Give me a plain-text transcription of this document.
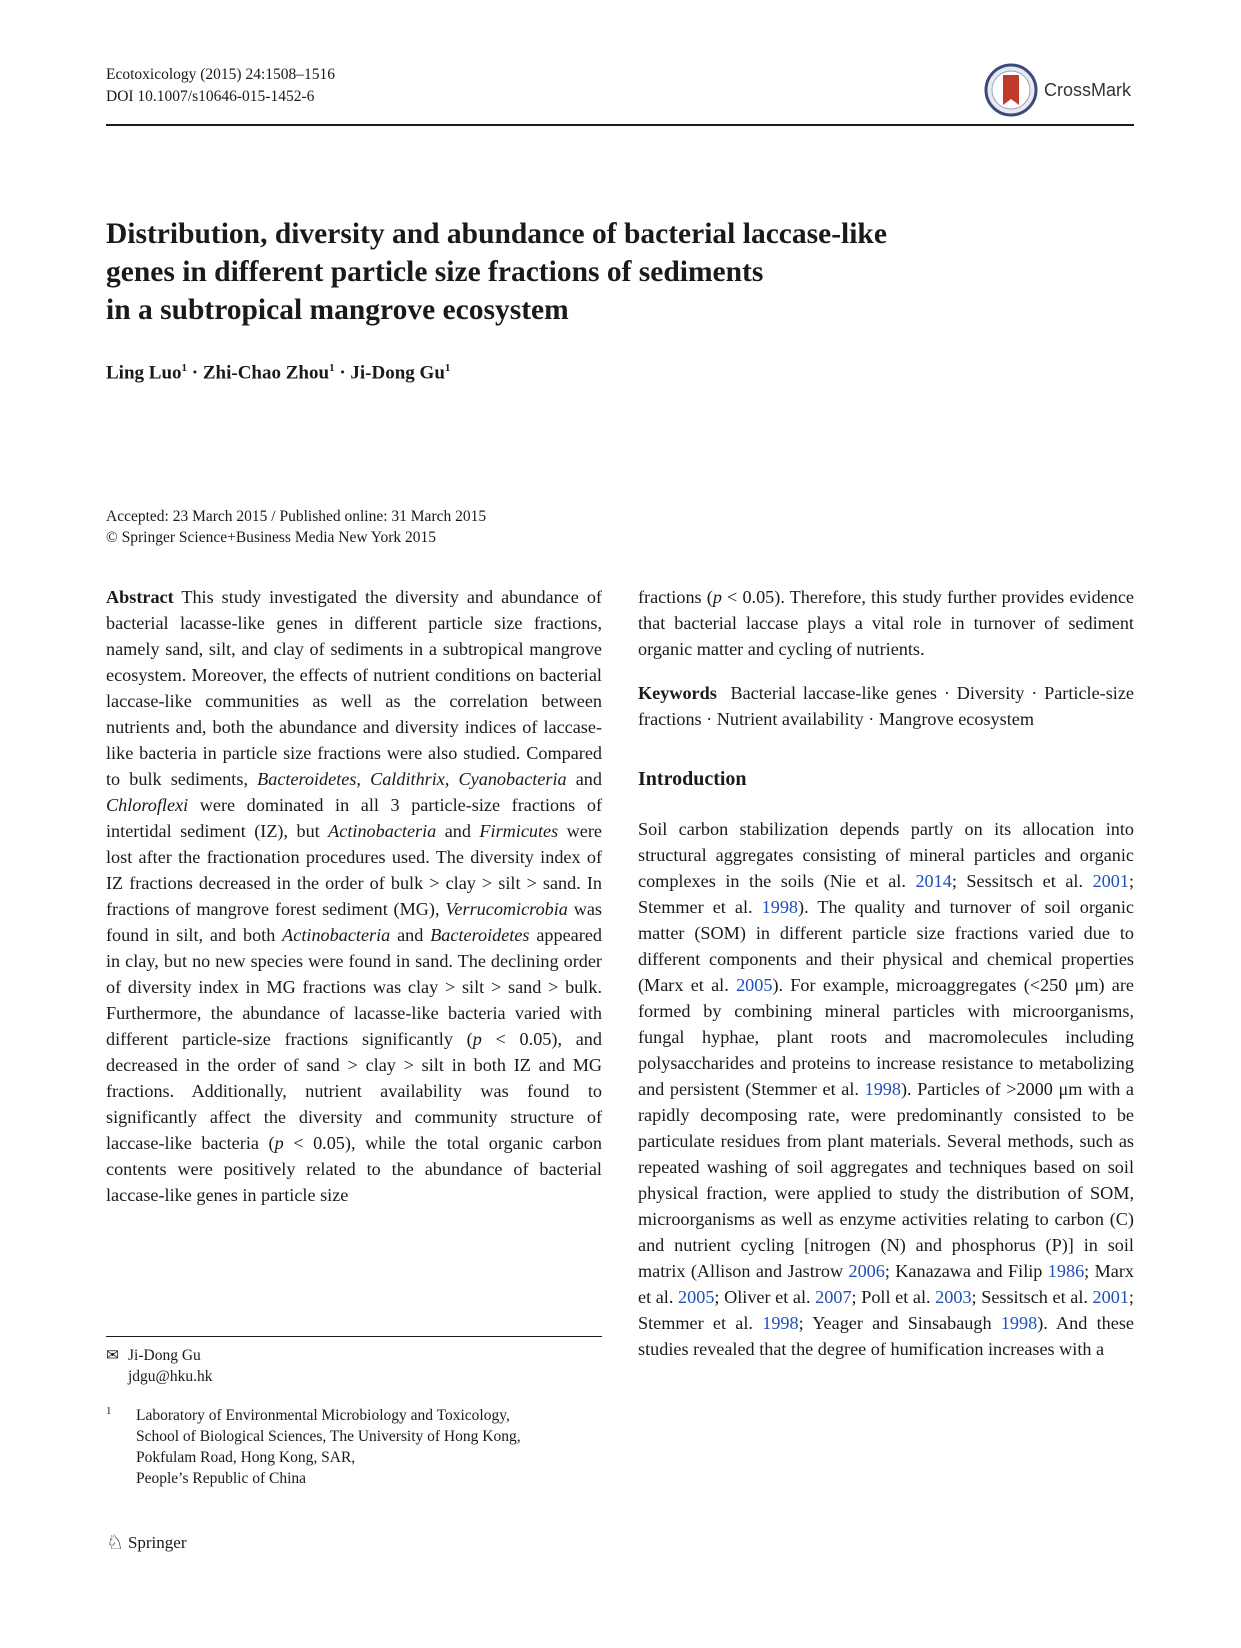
Ecotoxicology (2015) 24:1508–1516
DOI 10.1007/s10646-015-1452-6	CrossMark
Distribution, diversity and abundance of bacterial laccase-like
genes in different particle size fractions of sediments
in a subtropical mangrove ecosystem
Ling Luo$^1$ · Zhi-Chao Zhou$^1$ · Ji-Dong Gu$^1$
Accepted: 23 March 2015 / Published online: 31 March 2015
© Springer Science+Business Media New York 2015
Abstract This study investigated the diversity and abundance of bacterial lacasse-like genes in different particle size fractions, namely sand, silt, and clay of sediments in a subtropical mangrove ecosystem. Moreover, the effects of nutrient conditions on bacterial laccase-like communities as well as the correlation between nutrients and, both the abundance and diversity indices of laccase-like bacteria in particle size fractions were also studied. Compared to bulk sediments, Bacteroidetes, Caldithrix, Cyanobacteria and Chloroflexi were dominated in all 3 particle-size fractions of intertidal sediment (IZ), but Actinobacteria and Firmicutes were lost after the fractionation procedures used. The diversity index of IZ fractions decreased in the order of bulk > clay > silt > sand. In fractions of mangrove forest sediment (MG), Verrucomicrobia was found in silt, and both Actinobacteria and Bacteroidetes appeared in clay, but no new species were found in sand. The declining order of diversity index in MG fractions was clay > silt > sand > bulk. Furthermore, the abundance of lacasse-like bacteria varied with different particle-size fractions significantly (p < 0.05), and decreased in the order of sand > clay > silt in both IZ and MG fractions. Additionally, nutrient availability was found to significantly affect the diversity and community structure of laccase-like bacteria (p < 0.05), while the total organic carbon contents were positively related to the abundance of bacterial laccase-like genes in particle size
fractions (p < 0.05). Therefore, this study further provides evidence that bacterial laccase plays a vital role in turnover of sediment organic matter and cycling of nutrients.
Keywords Bacterial laccase-like genes · Diversity · Particle-size fractions · Nutrient availability · Mangrove ecosystem
Introduction
Soil carbon stabilization depends partly on its allocation into structural aggregates consisting of mineral particles and organic complexes in the soils (Nie et al. 2014; Sessitsch et al. 2001; Stemmer et al. 1998). The quality and turnover of soil organic matter (SOM) in different particle size fractions varied due to different components and their physical and chemical properties (Marx et al. 2005). For example, microaggregates (<250 μm) are formed by combining mineral particles with microorganisms, fungal hyphae, plant roots and macromolecules including polysaccharides and proteins to increase resistance to metabolizing and persistent (Stemmer et al. 1998). Particles of >2000 μm with a rapidly decomposing rate, were predominantly consisted to be particulate residues from plant materials. Several methods, such as repeated washing of soil aggregates and techniques based on soil physical fraction, were applied to study the distribution of SOM, microorganisms as well as enzyme activities relating to carbon (C) and nutrient cycling [nitrogen (N) and phosphorus (P)] in soil matrix (Allison and Jastrow 2006; Kanazawa and Filip 1986; Marx et al. 2005; Oliver et al. 2007; Poll et al. 2003; Sessitsch et al. 2001; Stemmer et al. 1998; Yeager and Sinsabaugh 1998). And these studies revealed that the degree of humification increases with a
✉ Ji-Dong Gu
jdgu@hku.hk
1 Laboratory of Environmental Microbiology and Toxicology,
School of Biological Sciences, The University of Hong Kong,
Pokfulam Road, Hong Kong, SAR,
People’s Republic of China
♘ Springer
